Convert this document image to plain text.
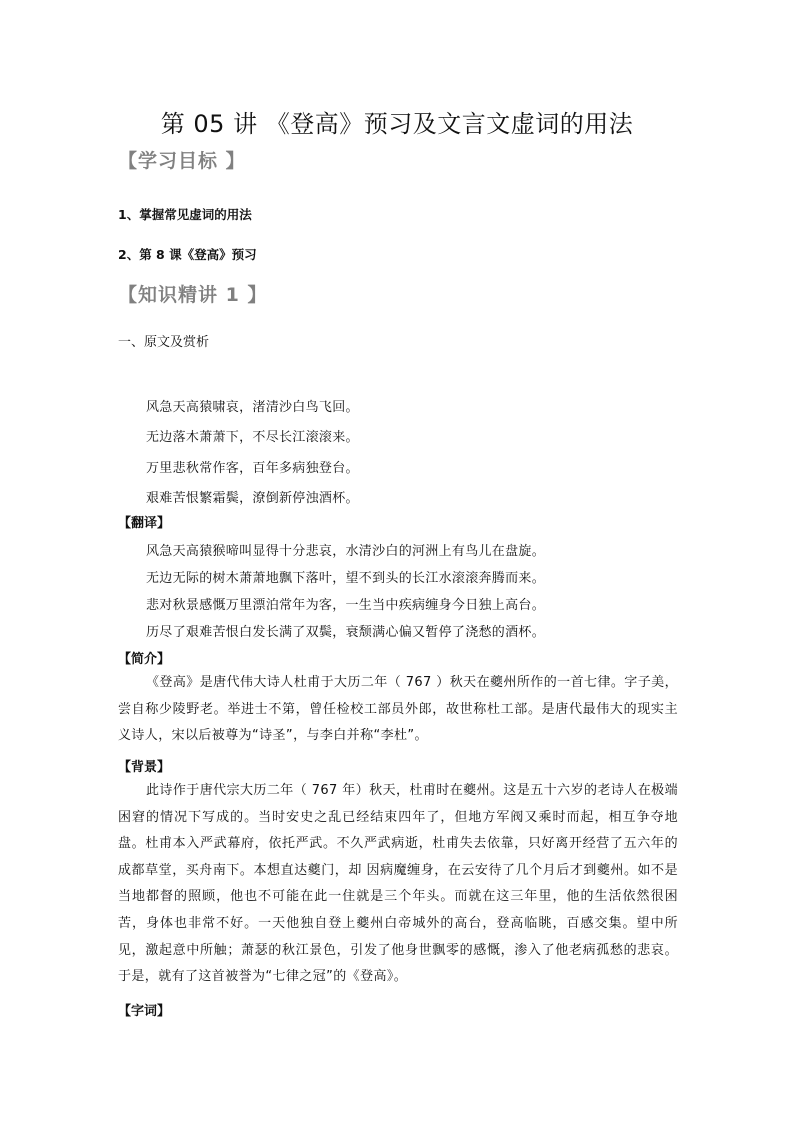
第 05 讲 《登高》预习及文言文虚词的用法
【学习目标 】
1、掌握常见虚词的用法
2、第 8 课《登高》预习
【知识精讲 1 】
一、原文及赏析
风急天高猿啸哀，渚清沙白鸟飞回。
无边落木萧萧下，不尽长江滚滚来。
万里悲秋常作客，百年多病独登台。
艰难苦恨繁霜鬓，潦倒新停浊酒杯。
【翻译】
风急天高猿猴啼叫显得十分悲哀，水清沙白的河洲上有鸟儿在盘旋。
无边无际的树木萧萧地飘下落叶，望不到头的长江水滚滚奔腾而来。
悲对秋景感慨万里漂泊常年为客，一生当中疾病缠身今日独上高台。
历尽了艰难苦恨白发长满了双鬓，衰颓满心偏又暂停了浇愁的酒杯。
【简介】
《登高》是唐代伟大诗人杜甫于大历二年（ 767 ）秋天在夔州所作的一首七律。字子美，尝自称少陵野老。举进士不第，曾任检校工部员外郎，故世称杜工部。是唐代最伟大的现实主义诗人，宋以后被尊为“诗圣”，与李白并称“李杜”。
【背景】
此诗作于唐代宗大历二年（ 767 年）秋天，杜甫时在夔州。这是五十六岁的老诗人在极端困窘的情况下写成的。当时安史之乱已经结束四年了，但地方军阀又乘时而起，相互争夺地盘。杜甫本入严武幕府，依托严武。不久严武病逝，杜甫失去依靠，只好离开经营了五六年的成都草堂，买舟南下。本想直达夔门，却 因病魔缠身，在云安待了几个月后才到夔州。如不是当地都督的照顾，他也不可能在此一住就是三个年头。而就在这三年里，他的生活依然很困苦，身体也非常不好。一天他独自登上夔州白帝城外的高台，登高临眺，百感交集。望中所见，激起意中所触；萧瑟的秋江景色，引发了他身世飘零的感慨，渗入了他老病孤愁的悲哀。于是，就有了这首被誉为“七律之冠”的《登高》。
【字词】
